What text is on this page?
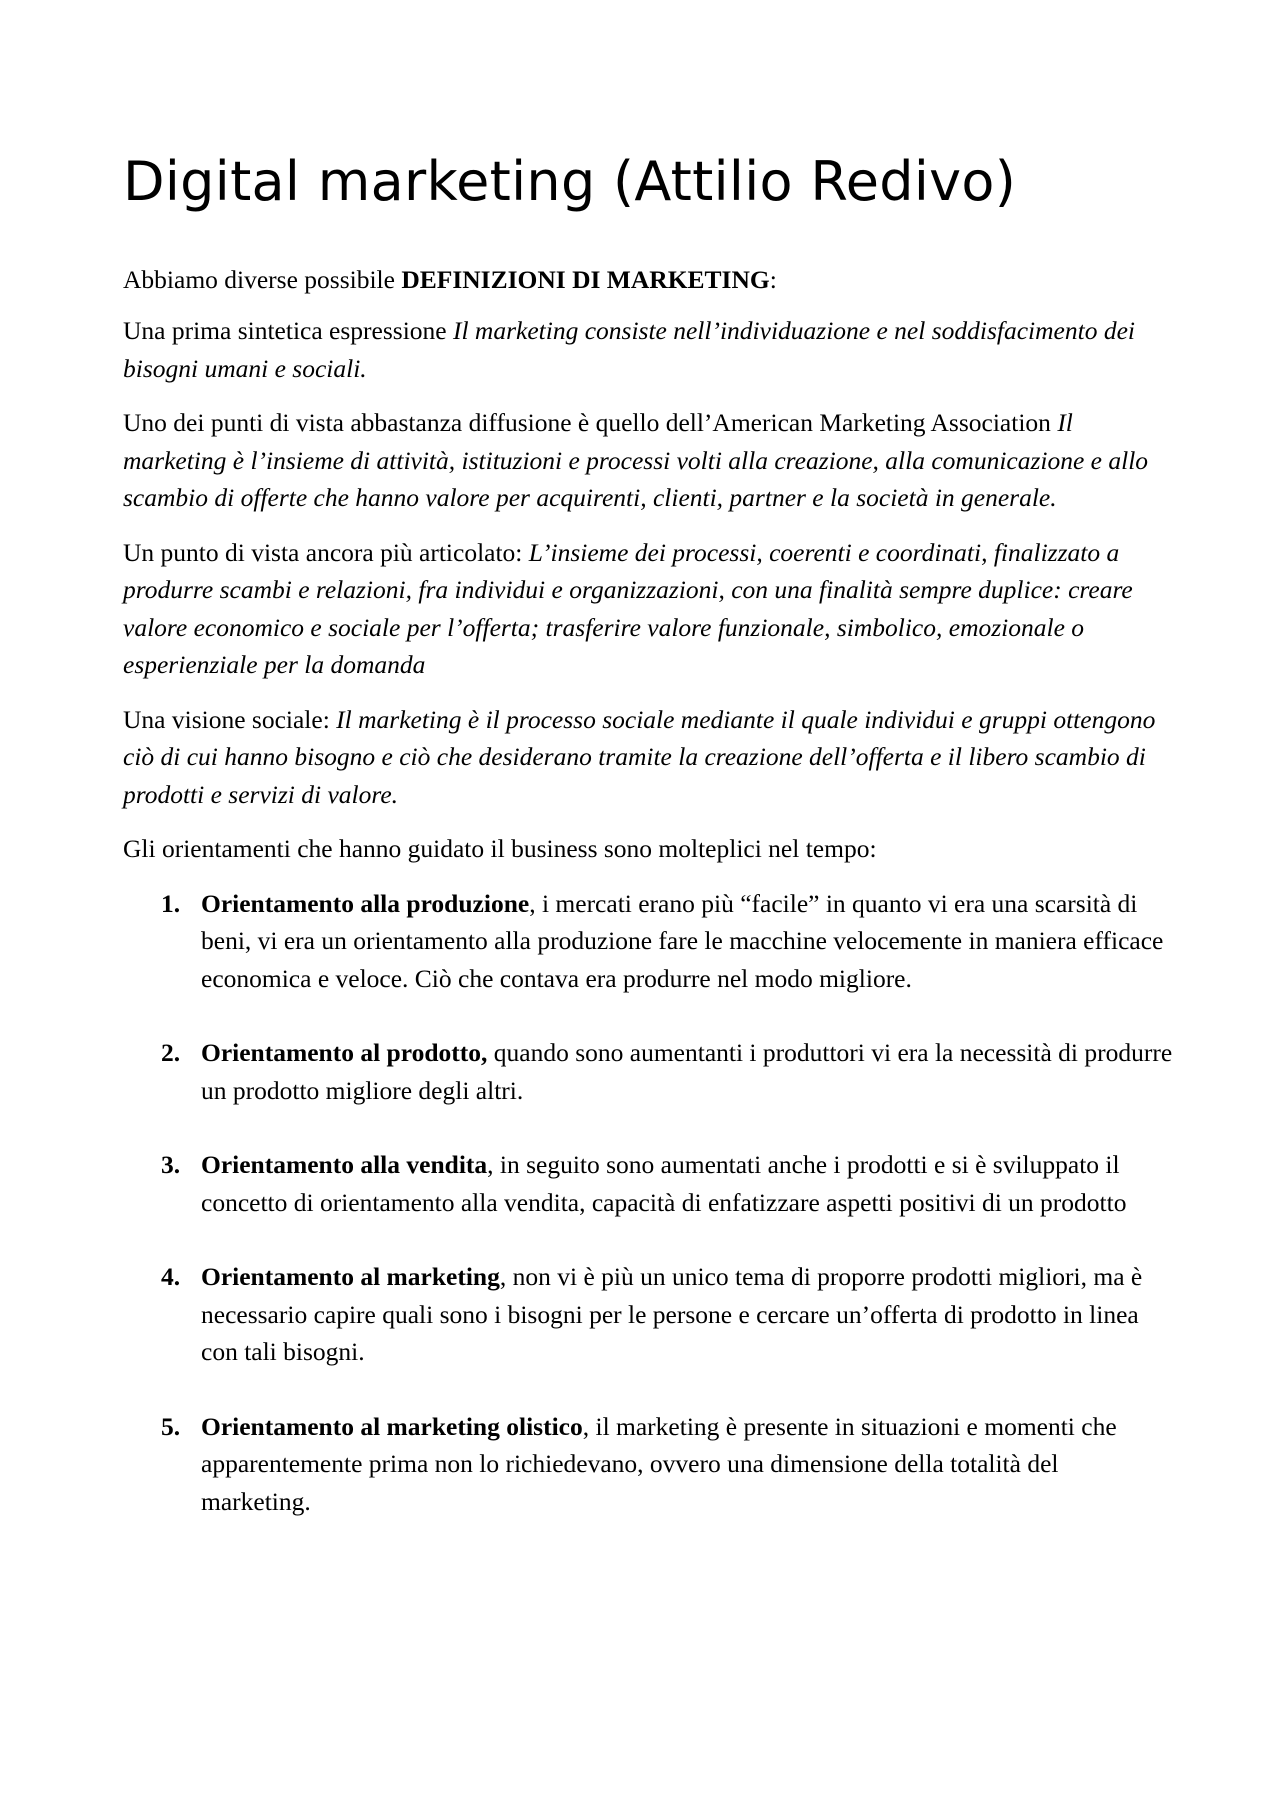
Digital marketing (Attilio Redivo)

Abbiamo diverse possibile DEFINIZIONI DI MARKETING:

Una prima sintetica espressione Il marketing consiste nell’individuazione e nel soddisfacimento dei bisogni umani e sociali.

Uno dei punti di vista abbastanza diffusione è quello dell’American Marketing Association Il marketing è l’insieme di attività, istituzioni e processi volti alla creazione, alla comunicazione e allo scambio di offerte che hanno valore per acquirenti, clienti, partner e la società in generale.

Un punto di vista ancora più articolato: L’insieme dei processi, coerenti e coordinati, finalizzato a produrre scambi e relazioni, fra individui e organizzazioni, con una finalità sempre duplice: creare valore economico e sociale per l’offerta; trasferire valore funzionale, simbolico, emozionale o esperienziale per la domanda

Una visione sociale: Il marketing è il processo sociale mediante il quale individui e gruppi ottengono ciò di cui hanno bisogno e ciò che desiderano tramite la creazione dell’offerta e il libero scambio di prodotti e servizi di valore.

Gli orientamenti che hanno guidato il business sono molteplici nel tempo:

1. Orientamento alla produzione, i mercati erano più “facile” in quanto vi era una scarsità di beni, vi era un orientamento alla produzione fare le macchine velocemente in maniera efficace economica e veloce. Ciò che contava era produrre nel modo migliore.
2. Orientamento al prodotto, quando sono aumentanti i produttori vi era la necessità di produrre un prodotto migliore degli altri.
3. Orientamento alla vendita, in seguito sono aumentati anche i prodotti e si è sviluppato il concetto di orientamento alla vendita, capacità di enfatizzare aspetti positivi di un prodotto
4. Orientamento al marketing, non vi è più un unico tema di proporre prodotti migliori, ma è necessario capire quali sono i bisogni per le persone e cercare un’offerta di prodotto in linea con tali bisogni.
5. Orientamento al marketing olistico, il marketing è presente in situazioni e momenti che apparentemente prima non lo richiedevano, ovvero una dimensione della totalità del marketing.
